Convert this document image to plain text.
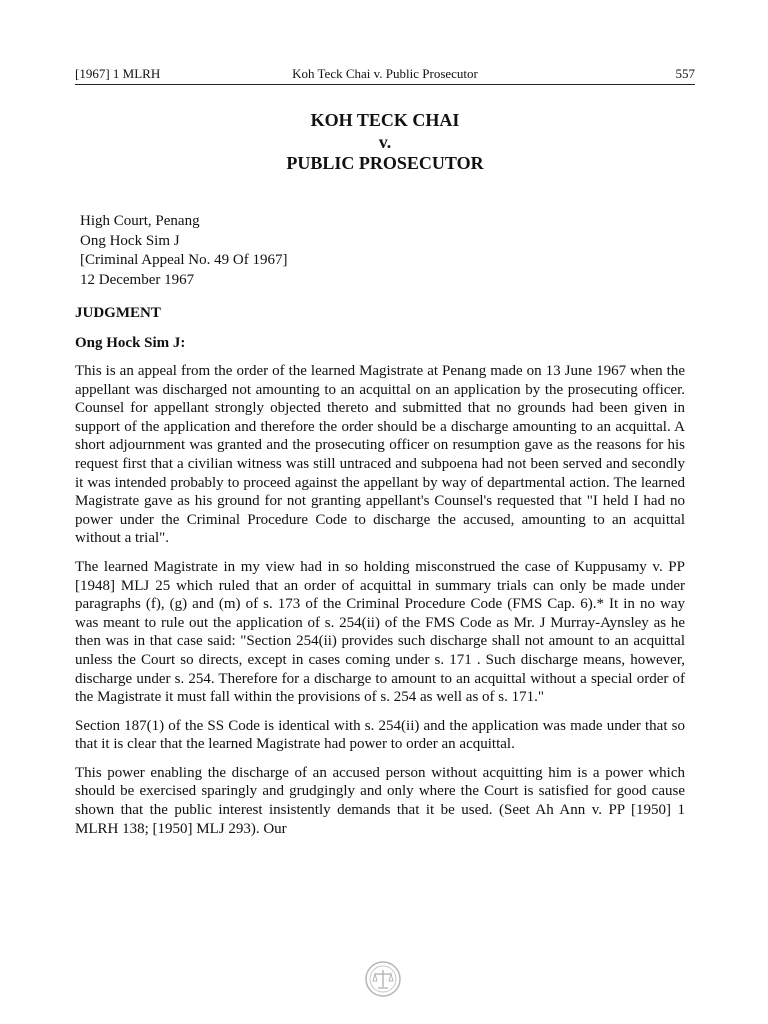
[1967] 1 MLRH	Koh Teck Chai v. Public Prosecutor	557
KOH TECK CHAI
v.
PUBLIC PROSECUTOR
High Court, Penang
Ong Hock Sim J
[Criminal Appeal No. 49 Of 1967]
12 December 1967
JUDGMENT
Ong Hock Sim J:

This is an appeal from the order of the learned Magistrate at Penang made on 13 June 1967 when the appellant was discharged not amounting to an acquittal on an application by the prosecuting officer. Counsel for appellant strongly objected thereto and submitted that no grounds had been given in support of the application and therefore the order should be a discharge amounting to an acquittal. A short adjournment was granted and the prosecuting officer on resumption gave as the reasons for his request first that a civilian witness was still untraced and subpoena had not been served and secondly it was intended probably to proceed against the appellant by way of departmental action. The learned Magistrate gave as his ground for not granting appellant's Counsel's requested that "I held I had no power under the Criminal Procedure Code to discharge the accused, amounting to an acquittal without a trial".

The learned Magistrate in my view had in so holding misconstrued the case of Kuppusamy v. PP [1948] MLJ 25 which ruled that an order of acquittal in summary trials can only be made under paragraphs (f), (g) and (m) of s. 173 of the Criminal Procedure Code (FMS Cap. 6).* It in no way was meant to rule out the application of s. 254(ii) of the FMS Code as Mr. J Murray-Aynsley as he then was in that case said: "Section 254(ii) provides such discharge shall not amount to an acquittal unless the Court so directs, except in cases coming under s. 171 . Such discharge means, however, discharge under s. 254. Therefore for a discharge to amount to an acquittal without a special order of the Magistrate it must fall within the provisions of s. 254 as well as of s. 171."

Section 187(1) of the SS Code is identical with s. 254(ii) and the application was made under that so that it is clear that the learned Magistrate had power to order an acquittal.

This power enabling the discharge of an accused person without acquitting him is a power which should be exercised sparingly and grudgingly and only where the Court is satisfied for good cause shown that the public interest insistently demands that it be used. (Seet Ah Ann v. PP [1950] 1 MLRH 138; [1950] MLJ 293). Our
